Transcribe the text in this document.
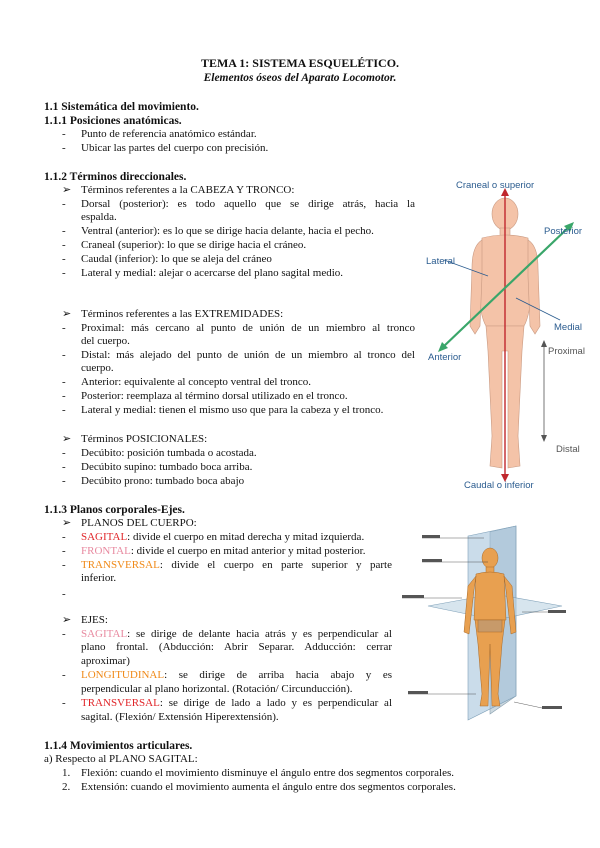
TEMA 1: SISTEMA ESQUELÉTICO.
Elementos óseos del Aparato Locomotor.
1.1 Sistemática del movimiento.
1.1.1 Posiciones anatómicas.
- Punto de referencia anatómico estándar.
- Ubicar las partes del cuerpo con precisión.
1.1.2 Términos direccionales.
➢ Términos referentes a la CABEZA Y TRONCO:
- Dorsal (posterior): es todo aquello que se dirige atrás, hacia la
espalda.
- Ventral (anterior): es lo que se dirige hacia delante, hacia el pecho.
- Craneal (superior): lo que se dirige hacia el cráneo.
- Caudal (inferior): lo que se aleja del cráneo
- Lateral y medial: alejar o acercarse del plano sagital medio.
➢ Términos referentes a las EXTREMIDADES:
- Proximal: más cercano al punto de unión de un miembro al tronco
del cuerpo.
- Distal: más alejado del punto de unión de un miembro al tronco del
cuerpo.
- Anterior: equivalente al concepto ventral del tronco.
- Posterior: reemplaza al término dorsal utilizado en el tronco.
- Lateral y medial: tienen el mismo uso que para la cabeza y el tronco.
➢ Términos POSICIONALES:
- Decúbito: posición tumbada o acostada.
- Decúbito supino: tumbado boca arriba.
- Decúbito prono: tumbado boca abajo
1.1.3 Planos corporales-Ejes.
➢ PLANOS DEL CUERPO:
- SAGITAL: divide el cuerpo en mitad derecha y mitad izquierda.
- FRONTAL: divide el cuerpo en mitad anterior y mitad posterior.
- TRANSVERSAL: divide el cuerpo en parte superior y parte
inferior.
-
➢ EJES:
- SAGITAL: se dirige de delante hacia atrás y es perpendicular al
plano frontal. (Abducción: Abrir Separar. Adducción: cerrar
aproximar)
- LONGITUDINAL: se dirige de arriba hacia abajo y es
perpendicular al plano horizontal. (Rotación/ Circunducción).
- TRANSVERSAL: se dirige de lado a lado y es perpendicular al
sagital. (Flexión/ Extensión Hiperextensión).
1.1.4 Movimientos articulares.
a) Respecto al PLANO SAGITAL:
1. Flexión: cuando el movimiento disminuye el ángulo entre dos segmentos corporales.
2. Extensión: cuando el movimiento aumenta el ángulo entre dos segmentos corporales.
Craneal o superior
Posterior
Lateral
Medial
Anterior
Proximal
Distal
Caudal o inferior
